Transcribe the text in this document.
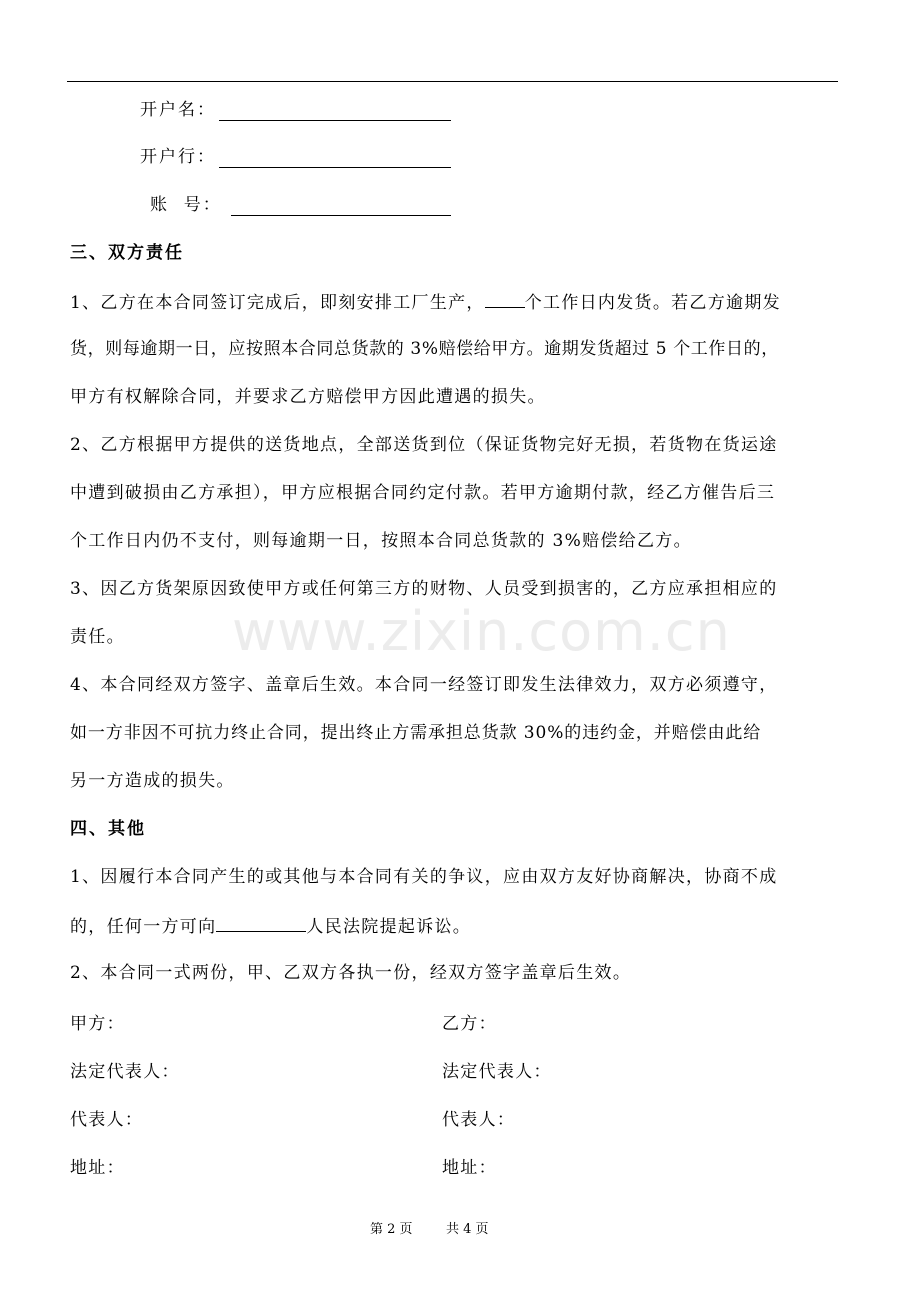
开户名：
开户行：
账  号：
三、双方责任
1、乙方在本合同签订完成后，即刻安排工厂生产， 个工作日内发货。若乙方逾期发
货，则每逾期一日，应按照本合同总货款的 3%赔偿给甲方。逾期发货超过 5 个工作日的，
甲方有权解除合同，并要求乙方赔偿甲方因此遭遇的损失。
2、乙方根据甲方提供的送货地点，全部送货到位（保证货物完好无损，若货物在货运途
中遭到破损由乙方承担），甲方应根据合同约定付款。若甲方逾期付款，经乙方催告后三
个工作日内仍不支付，则每逾期一日，按照本合同总货款的 3%赔偿给乙方。
3、因乙方货架原因致使甲方或任何第三方的财物、人员受到损害的，乙方应承担相应的
责任。
4、本合同经双方签字、盖章后生效。本合同一经签订即发生法律效力，双方必须遵守，
如一方非因不可抗力终止合同，提出终止方需承担总货款 30%的违约金，并赔偿由此给
另一方造成的损失。
四、其他
1、因履行本合同产生的或其他与本合同有关的争议，应由双方友好协商解决，协商不成
的，任何一方可向	人民法院提起诉讼。
2、本合同一式两份，甲、乙双方各执一份，经双方签字盖章后生效。
甲方：	乙方：
法定代表人：	法定代表人：
代表人：	代表人：
地址：	地址：
www.zixin.com.cn
第 2 页	共 4 页
